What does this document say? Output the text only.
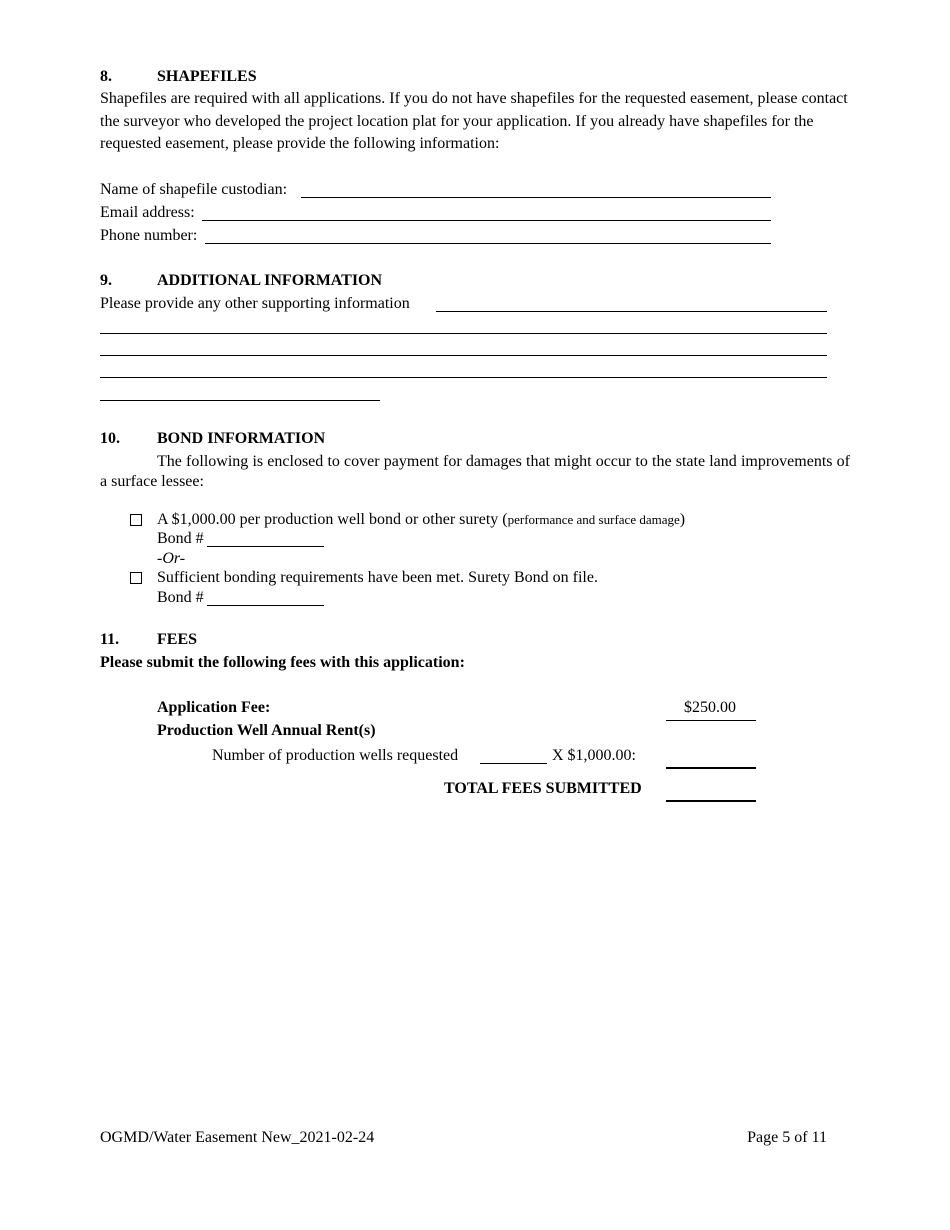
8.	SHAPEFILES
Shapefiles are required with all applications. If you do not have shapefiles for the requested easement, please contact the surveyor who developed the project location plat for your application. If you already have shapefiles for the requested easement, please provide the following information:
Name of shapefile custodian:
Email address:
Phone number:
9.	ADDITIONAL INFORMATION
Please provide any other supporting information
10. BOND INFORMATION
The following is enclosed to cover payment for damages that might occur to the state land improvements of a surface lessee:
A $1,000.00 per production well bond or other surety (performance and surface damage)
Bond #
-Or-
Sufficient bonding requirements have been met. Surety Bond on file.
Bond #
11. FEES
Please submit the following fees with this application:
Application Fee:	$250.00
Production Well Annual Rent(s)
Number of production wells requested	X $1,000.00:
TOTAL FEES SUBMITTED
OGMD/Water Easement New_2021-02-24	Page 5 of 11
